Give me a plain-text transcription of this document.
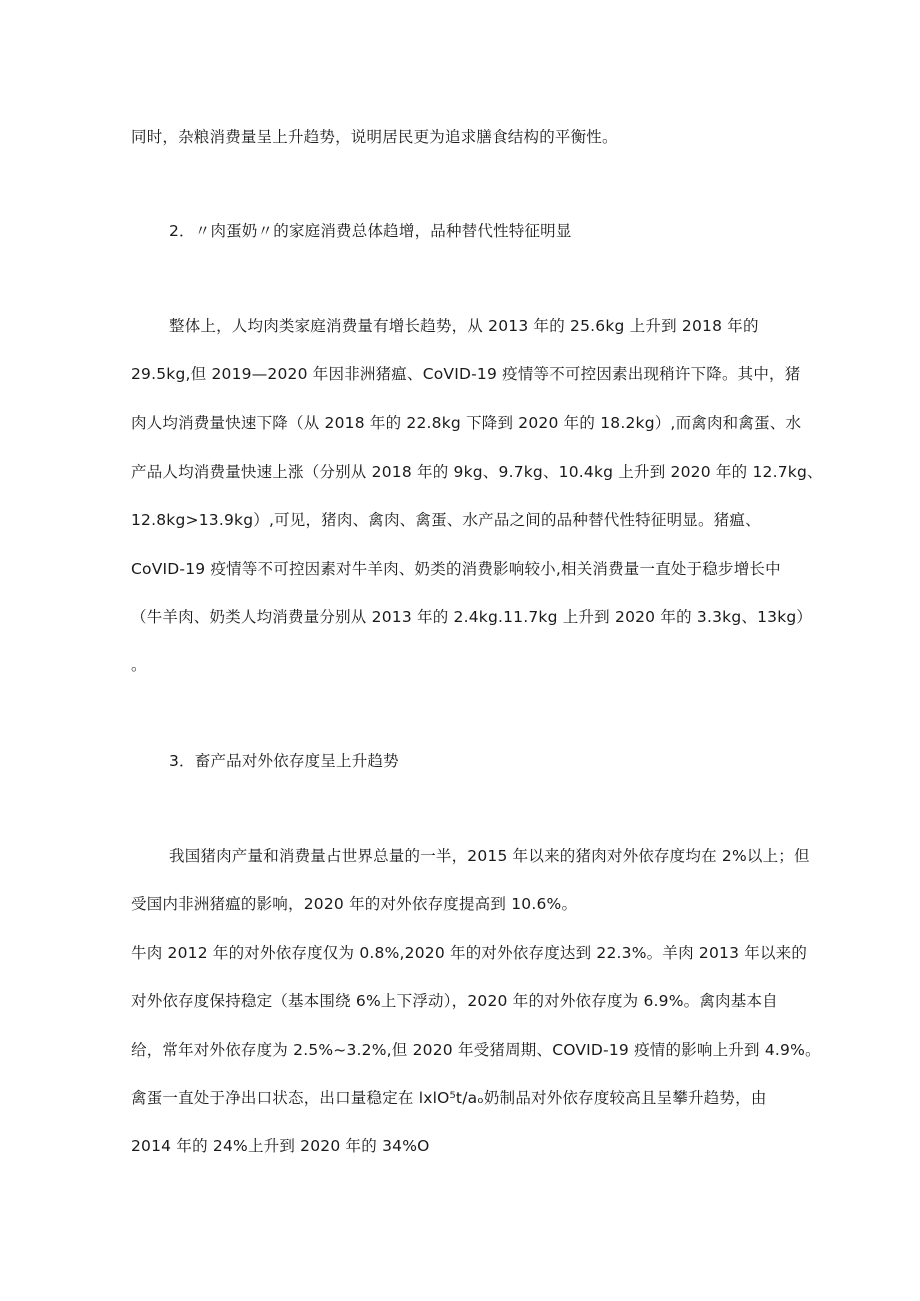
同时，杂粮消费量呈上升趋势，说明居民更为追求膳食结构的平衡性。
2．〃肉蛋奶〃的家庭消费总体趋增，品种替代性特征明显
整体上，人均肉类家庭消费量有增长趋势，从 2013 年的 25.6kg 上升到 2018 年的
29.5kg,但 2019—2020 年因非洲猪瘟、CoVID-19 疫情等不可控因素出现稍许下降。其中，猪
肉人均消费量快速下降（从 2018 年的 22.8kg 下降到 2020 年的 18.2kg）,而禽肉和禽蛋、水
产品人均消费量快速上涨（分别从 2018 年的 9kg、9.7kg、10.4kg 上升到 2020 年的 12.7kg、
12.8kg>13.9kg）,可见，猪肉、禽肉、禽蛋、水产品之间的品种替代性特征明显。猪瘟、
CoVID-19 疫情等不可控因素对牛羊肉、奶类的消费影响较小,相关消费量一直处于稳步增长中
（牛羊肉、奶类人均消费量分别从 2013 年的 2.4kg.11.7kg 上升到 2020 年的 3.3kg、13kg）
。
3．畜产品对外依存度呈上升趋势
我国猪肉产量和消费量占世界总量的一半，2015 年以来的猪肉对外依存度均在 2%以上；但
受国内非洲猪瘟的影响，2020 年的对外依存度提高到 10.6%。
牛肉 2012 年的对外依存度仅为 0.8%,2020 年的对外依存度达到 22.3%。羊肉 2013 年以来的
对外依存度保持稳定（基本围绕 6%上下浮动），2020 年的对外依存度为 6.9%。禽肉基本自
给，常年对外依存度为 2.5%~3.2%,但 2020 年受猪周期、COVID-19 疫情的影响上升到 4.9%。
禽蛋一直处于净出口状态，出口量稳定在 lxlO⁵t∕aₒ奶制品对外依存度较高且呈攀升趋势，由
2014 年的 24%上升到 2020 年的 34%O
